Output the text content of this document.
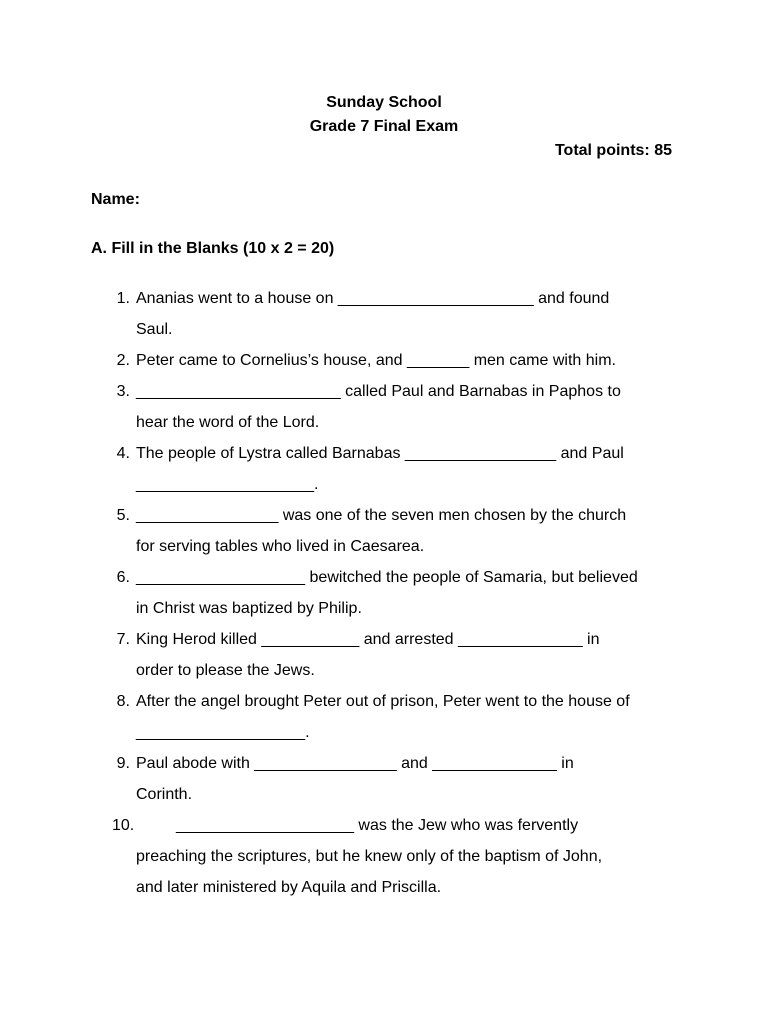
Sunday School
Grade 7 Final Exam
Total points: 85
Name:
A. Fill in the Blanks (10 x 2 = 20)
1. Ananias went to a house on ______________________ and found
Saul.
2. Peter came to Cornelius’s house, and _______ men came with him.
3. _______________________ called Paul and Barnabas in Paphos to
hear the word of the Lord.
4. The people of Lystra called Barnabas _________________ and Paul
____________________.
5. ________________ was one of the seven men chosen by the church
for serving tables who lived in Caesarea.
6. ___________________ bewitched the people of Samaria, but believed
in Christ was baptized by Philip.
7. King Herod killed ___________ and arrested ______________ in
order to please the Jews.
8. After the angel brought Peter out of prison, Peter went to the house of
___________________.
9. Paul abode with ________________ and ______________ in
Corinth.
10.	____________________ was the Jew who was fervently
preaching the scriptures, but he knew only of the baptism of John,
and later ministered by Aquila and Priscilla.
